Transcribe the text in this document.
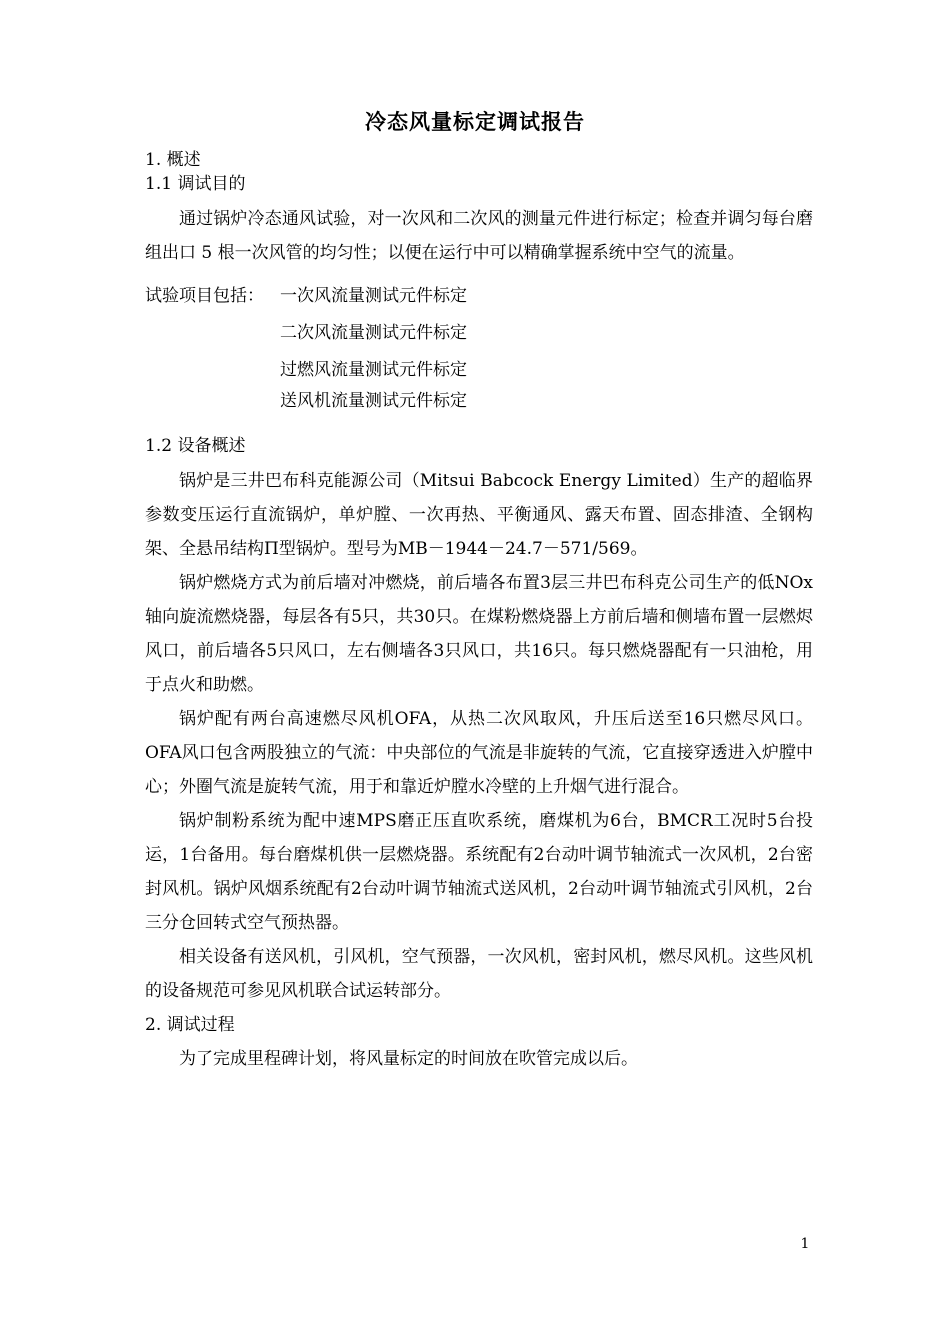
冷态风量标定调试报告

1. 概述

1.1 调试目的

通过锅炉冷态通风试验，对一次风和二次风的测量元件进行标定；检查并调匀每台磨组出口 5 根一次风管的均匀性；以便在运行中可以精确掌握系统中空气的流量。

试验项目包括： 一次风流量测试元件标定
二次风流量测试元件标定
过燃风流量测试元件标定
送风机流量测试元件标定

1.2 设备概述

锅炉是三井巴布科克能源公司（Mitsui Babcock Energy Limited）生产的超临界参数变压运行直流锅炉，单炉膛、一次再热、平衡通风、露天布置、固态排渣、全钢构架、全悬吊结构Π型锅炉。型号为MB－1944－24.7－571/569。

锅炉燃烧方式为前后墙对冲燃烧，前后墙各布置3层三井巴布科克公司生产的低NOx轴向旋流燃烧器，每层各有5只，共30只。在煤粉燃烧器上方前后墙和侧墙布置一层燃烬风口，前后墙各5只风口，左右侧墙各3只风口，共16只。每只燃烧器配有一只油枪，用于点火和助燃。

锅炉配有两台高速燃尽风机OFA，从热二次风取风，升压后送至16只燃尽风口。OFA风口包含两股独立的气流：中央部位的气流是非旋转的气流，它直接穿透进入炉膛中心；外圈气流是旋转气流，用于和靠近炉膛水冷壁的上升烟气进行混合。

锅炉制粉系统为配中速MPS磨正压直吹系统，磨煤机为6台，BMCR工况时5台投运，1台备用。每台磨煤机供一层燃烧器。系统配有2台动叶调节轴流式一次风机，2台密封风机。锅炉风烟系统配有2台动叶调节轴流式送风机，2台动叶调节轴流式引风机，2台三分仓回转式空气预热器。

相关设备有送风机，引风机，空气预器，一次风机，密封风机，燃尽风机。这些风机的设备规范可参见风机联合试运转部分。

2. 调试过程

为了完成里程碑计划，将风量标定的时间放在吹管完成以后。

1
